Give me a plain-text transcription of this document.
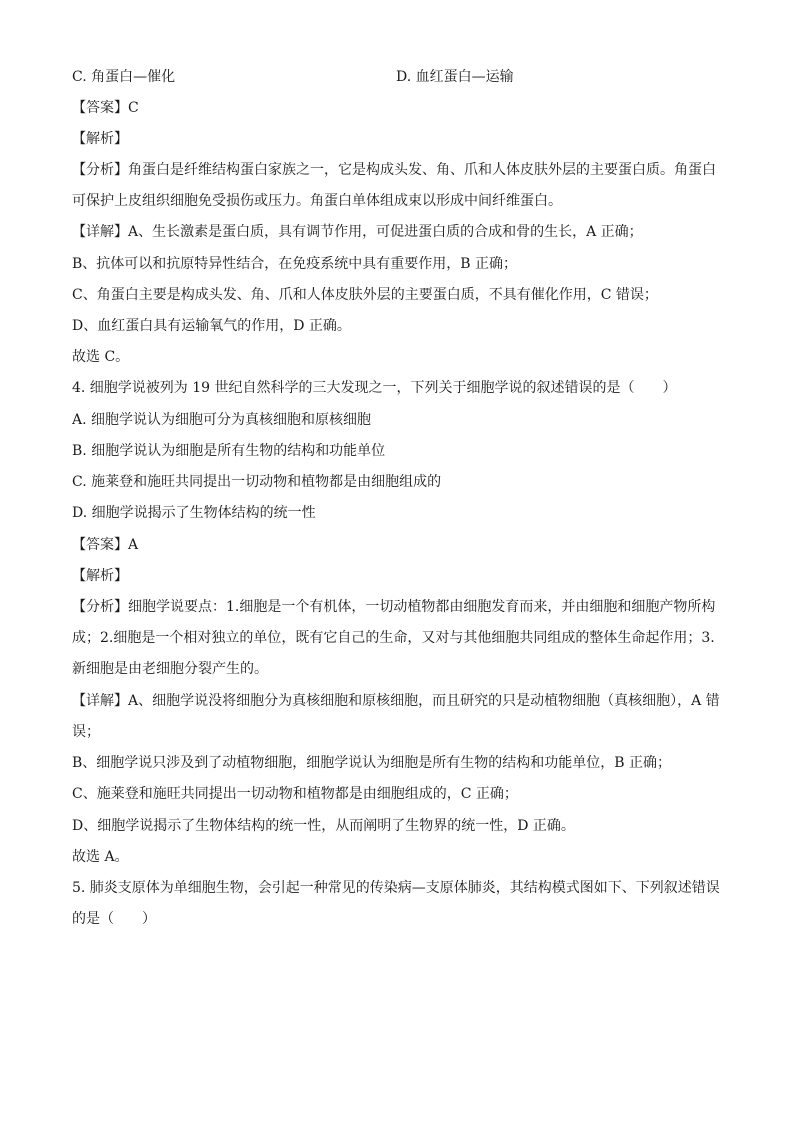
C. 角蛋白—催化	D. 血红蛋白—运输
【答案】C
【解析】
【分析】角蛋白是纤维结构蛋白家族之一，它是构成头发、角、爪和人体皮肤外层的主要蛋白质。角蛋白
可保护上皮组织细胞免受损伤或压力。角蛋白单体组成束以形成中间纤维蛋白。
【详解】A、生长激素是蛋白质，具有调节作用，可促进蛋白质的合成和骨的生长，A 正确；
B、抗体可以和抗原特异性结合，在免疫系统中具有重要作用，B 正确；
C、角蛋白主要是构成头发、角、爪和人体皮肤外层的主要蛋白质，不具有催化作用，C 错误；
D、血红蛋白具有运输氧气的作用，D 正确。
故选 C。
4. 细胞学说被列为 19 世纪自然科学的三大发现之一，下列关于细胞学说的叙述错误的是（　　）
A. 细胞学说认为细胞可分为真核细胞和原核细胞
B. 细胞学说认为细胞是所有生物的结构和功能单位
C. 施莱登和施旺共同提出一切动物和植物都是由细胞组成的
D. 细胞学说揭示了生物体结构的统一性
【答案】A
【解析】
【分析】细胞学说要点：1.细胞是一个有机体，一切动植物都由细胞发育而来，并由细胞和细胞产物所构
成；2.细胞是一个相对独立的单位，既有它自己的生命，又对与其他细胞共同组成的整体生命起作用；3.
新细胞是由老细胞分裂产生的。
【详解】A、细胞学说没将细胞分为真核细胞和原核细胞，而且研究的只是动植物细胞（真核细胞），A 错
误；
B、细胞学说只涉及到了动植物细胞，细胞学说认为细胞是所有生物的结构和功能单位，B 正确；
C、施莱登和施旺共同提出一切动物和植物都是由细胞组成的，C 正确；
D、细胞学说揭示了生物体结构的统一性，从而阐明了生物界的统一性，D 正确。
故选 A。
5. 肺炎支原体为单细胞生物，会引起一种常见的传染病—支原体肺炎，其结构模式图如下、下列叙述错误
的是（　　）
